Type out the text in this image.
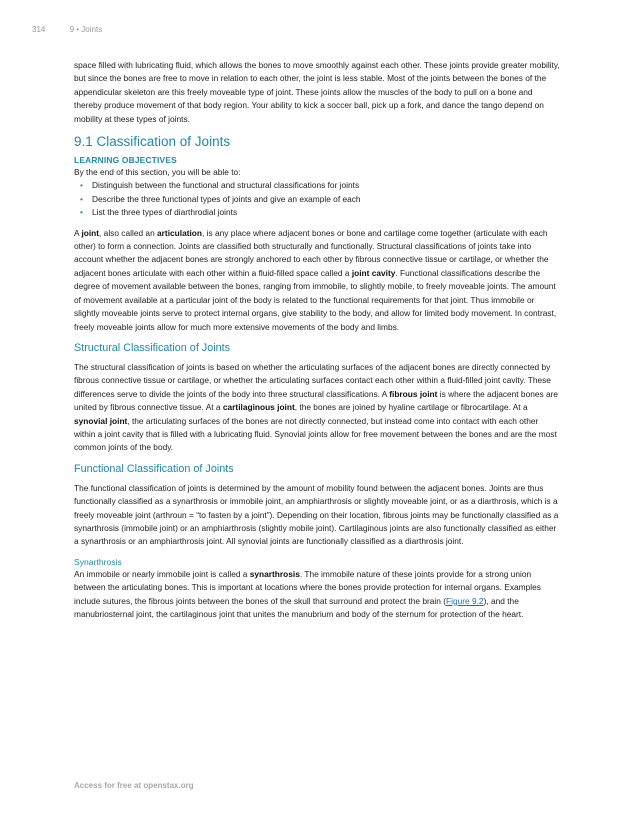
314	9 • Joints

space filled with lubricating fluid, which allows the bones to move smoothly against each other. These joints provide greater mobility, but since the bones are free to move in relation to each other, the joint is less stable. Most of the joints between the bones of the appendicular skeleton are this freely moveable type of joint. These joints allow the muscles of the body to pull on a bone and thereby produce movement of that body region. Your ability to kick a soccer ball, pick up a fork, and dance the tango depend on mobility at these types of joints.

9.1 Classification of Joints
LEARNING OBJECTIVES
By the end of this section, you will be able to:
• Distinguish between the functional and structural classifications for joints
• Describe the three functional types of joints and give an example of each
• List the three types of diarthrodial joints

A joint, also called an articulation, is any place where adjacent bones or bone and cartilage come together (articulate with each other) to form a connection. Joints are classified both structurally and functionally. Structural classifications of joints take into account whether the adjacent bones are strongly anchored to each other by fibrous connective tissue or cartilage, or whether the adjacent bones articulate with each other within a fluid-filled space called a joint cavity. Functional classifications describe the degree of movement available between the bones, ranging from immobile, to slightly mobile, to freely moveable joints. The amount of movement available at a particular joint of the body is related to the functional requirements for that joint. Thus immobile or slightly moveable joints serve to protect internal organs, give stability to the body, and allow for limited body movement. In contrast, freely moveable joints allow for much more extensive movements of the body and limbs.

Structural Classification of Joints

The structural classification of joints is based on whether the articulating surfaces of the adjacent bones are directly connected by fibrous connective tissue or cartilage, or whether the articulating surfaces contact each other within a fluid-filled joint cavity. These differences serve to divide the joints of the body into three structural classifications. A fibrous joint is where the adjacent bones are united by fibrous connective tissue. At a cartilaginous joint, the bones are joined by hyaline cartilage or fibrocartilage. At a synovial joint, the articulating surfaces of the bones are not directly connected, but instead come into contact with each other within a joint cavity that is filled with a lubricating fluid. Synovial joints allow for free movement between the bones and are the most common joints of the body.

Functional Classification of Joints

The functional classification of joints is determined by the amount of mobility found between the adjacent bones. Joints are thus functionally classified as a synarthrosis or immobile joint, an amphiarthrosis or slightly moveable joint, or as a diarthrosis, which is a freely moveable joint (arthroun = “to fasten by a joint”). Depending on their location, fibrous joints may be functionally classified as a synarthrosis (immobile joint) or an amphiarthrosis (slightly mobile joint). Cartilaginous joints are also functionally classified as either a synarthrosis or an amphiarthrosis joint. All synovial joints are functionally classified as a diarthrosis joint.

Synarthrosis

An immobile or nearly immobile joint is called a synarthrosis. The immobile nature of these joints provide for a strong union between the articulating bones. This is important at locations where the bones provide protection for internal organs. Examples include sutures, the fibrous joints between the bones of the skull that surround and protect the brain (Figure 9.2), and the manubriosternal joint, the cartilaginous joint that unites the manubrium and body of the sternum for protection of the heart.

Access for free at openstax.org
